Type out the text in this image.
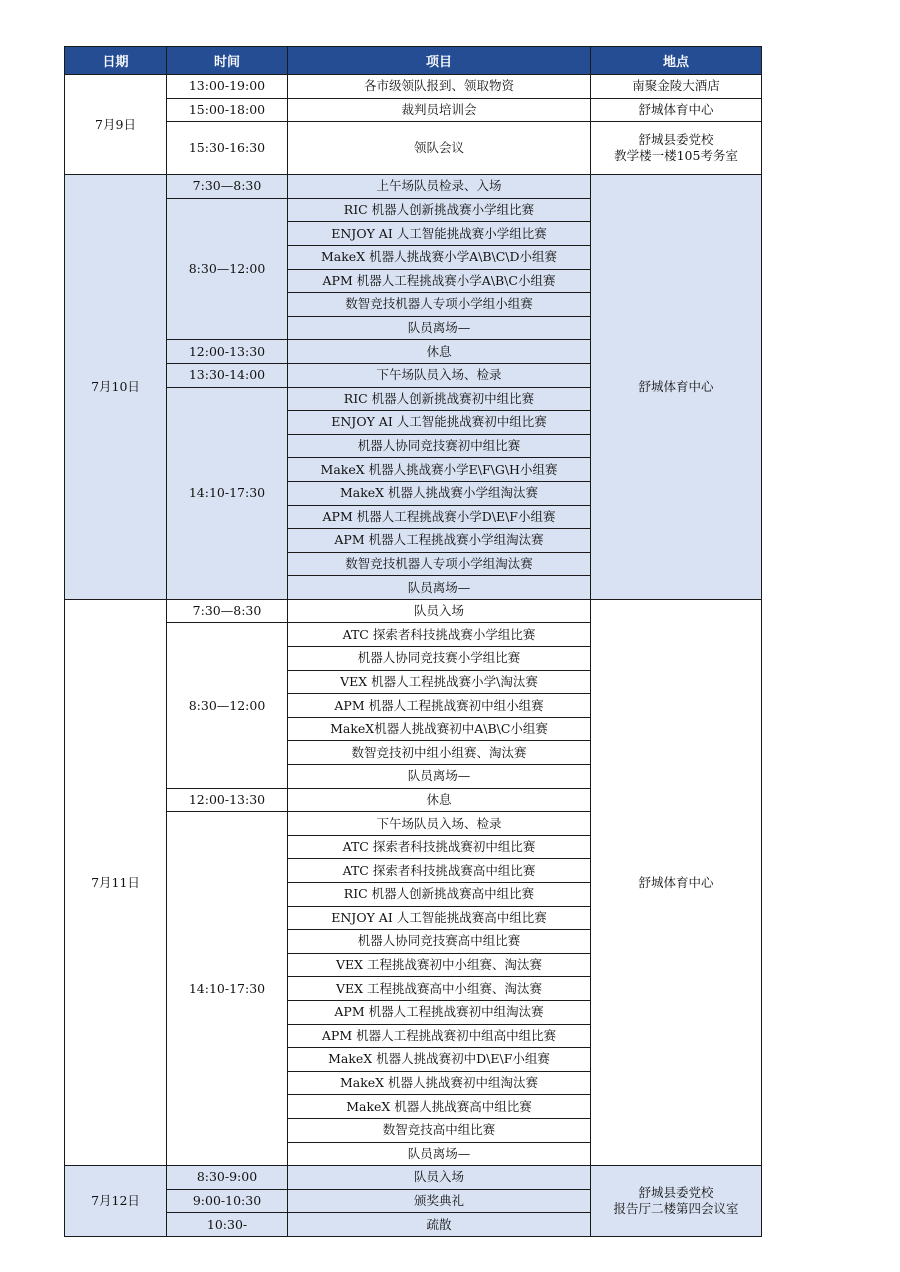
日期	时间	项目	地点
7月9日	13:00-19:00	各市级领队报到、领取物资	南聚金陵大酒店
	15:00-18:00	裁判员培训会	舒城体育中心
	15:30-16:30	领队会议	舒城县委党校
教学楼一楼105考务室

7月10日	7:30—8:30	上午场队员检录、入场	舒城体育中心
	8:30—12:00	RIC 机器人创新挑战赛小学组比赛	
		ENJOY AI 人工智能挑战赛小学组比赛	
		MakeX 机器人挑战赛小学A\B\C\D小组赛	
		APM 机器人工程挑战赛小学A\B\C小组赛	
		数智竞技机器人专项小学组小组赛	
		队员离场—	
	12:00-13:30	休息	
	13:30-14:00	下午场队员入场、检录	
	14:10-17:30	RIC 机器人创新挑战赛初中组比赛	
		ENJOY AI 人工智能挑战赛初中组比赛	
		机器人协同竞技赛初中组比赛	
		MakeX 机器人挑战赛小学E\F\G\H小组赛	
		MakeX 机器人挑战赛小学组淘汰赛	
		APM 机器人工程挑战赛小学D\E\F小组赛	
		APM 机器人工程挑战赛小学组淘汰赛	
		数智竞技机器人专项小学组淘汰赛	
		队员离场—	
7月11日	7:30—8:30	队员入场	舒城体育中心
	8:30—12:00	ATC 探索者科技挑战赛小学组比赛	
		机器人协同竞技赛小学组比赛	
		VEX 机器人工程挑战赛小学\淘汰赛	
		APM 机器人工程挑战赛初中组小组赛	
		MakeX机器人挑战赛初中A\B\C小组赛	
		数智竞技初中组小组赛、淘汰赛	
		队员离场—	
	12:00-13:30	休息	
	14:10-17:30	下午场队员入场、检录	
		ATC 探索者科技挑战赛初中组比赛	
		ATC 探索者科技挑战赛高中组比赛	
		RIC 机器人创新挑战赛高中组比赛	
		ENJOY AI 人工智能挑战赛高中组比赛	
		机器人协同竞技赛高中组比赛	
		VEX 工程挑战赛初中小组赛、淘汰赛	
		VEX 工程挑战赛高中小组赛、淘汰赛	
		APM 机器人工程挑战赛初中组淘汰赛	
		APM 机器人工程挑战赛初中组高中组比赛	
		MakeX 机器人挑战赛初中D\E\F小组赛	
		MakeX 机器人挑战赛初中组淘汰赛	
		MakeX 机器人挑战赛高中组比赛	
		数智竞技高中组比赛	
		队员离场—	
7月12日	8:30-9:00	队员入场	舒城县委党校
报告厅二楼第四会议室

	9:00-10:30	颁奖典礼	
	10:30-	疏散	
